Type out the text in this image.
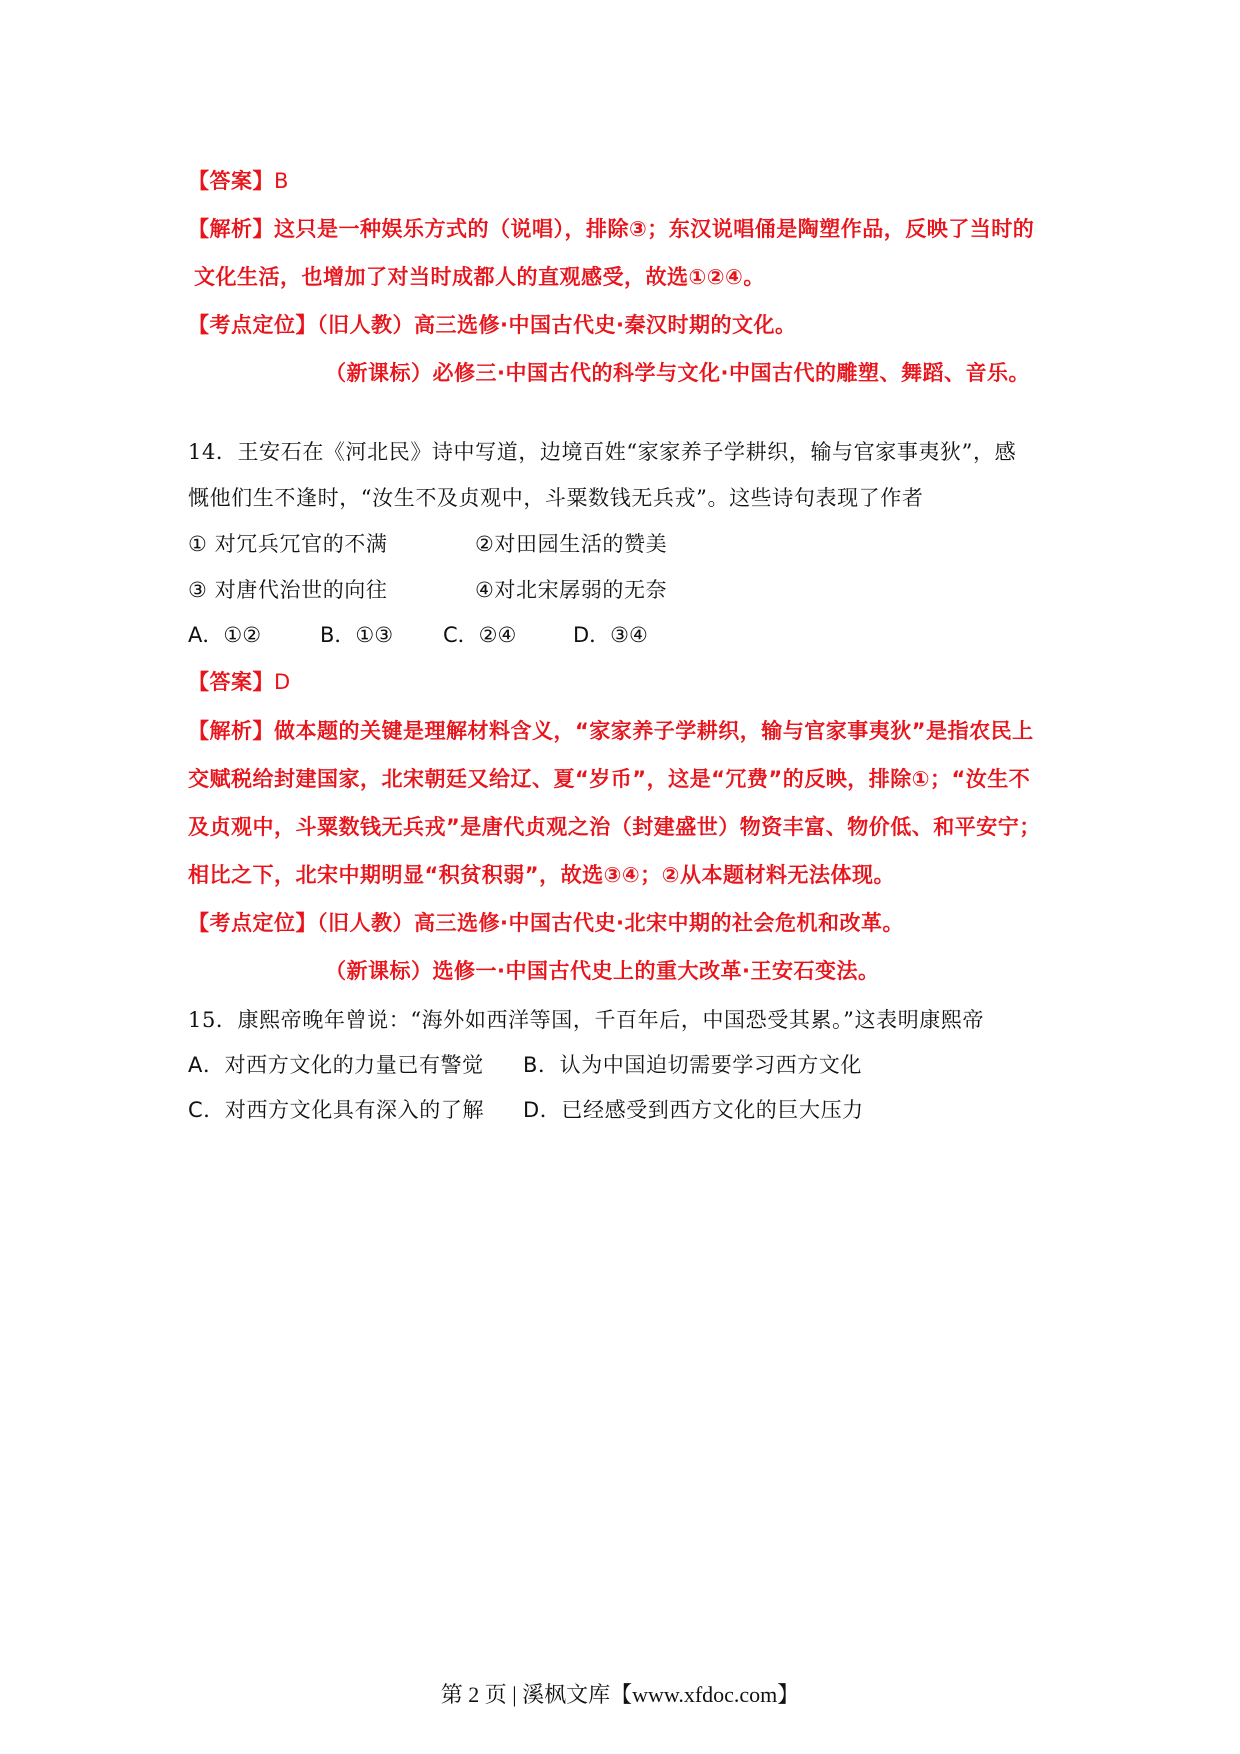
【答案】B
【解析】这只是一种娱乐方式的（说唱），排除③；东汉说唱俑是陶塑作品，反映了当时的
文化生活，也增加了对当时成都人的直观感受，故选①②④。
【考点定位】（旧人教）高三选修·中国古代史·秦汉时期的文化。
（新课标）必修三·中国古代的科学与文化·中国古代的雕塑、舞蹈、音乐。
14．王安石在《河北民》诗中写道，边境百姓“家家养子学耕织，输与官家事夷狄”，感
慨他们生不逢时，“汝生不及贞观中，斗粟数钱无兵戎”。这些诗句表现了作者
① 对冗兵冗官的不满	②对田园生活的赞美
③ 对唐代治世的向往	④对北宋孱弱的无奈
A．①②	B．①③ C．②④	D．③④
【答案】D
【解析】做本题的关键是理解材料含义，“家家养子学耕织，输与官家事夷狄”是指农民上
交赋税给封建国家，北宋朝廷又给辽、夏“岁币”，这是“冗费”的反映，排除①；“汝生不
及贞观中，斗粟数钱无兵戎”是唐代贞观之治（封建盛世）物资丰富、物价低、和平安宁；
相比之下，北宋中期明显“积贫积弱”，故选③④；②从本题材料无法体现。
【考点定位】（旧人教）高三选修·中国古代史·北宋中期的社会危机和改革。
（新课标）选修一·中国古代史上的重大改革·王安石变法。
15．康熙帝晚年曾说：“海外如西洋等国，千百年后，中国恐受其累。”这表明康熙帝
A．对西方文化的力量已有警觉 B．认为中国迫切需要学习西方文化
C．对西方文化具有深入的了解 D．已经感受到西方文化的巨大压力
第 2 页 | 溪枫文库【www.xfdoc.com】
